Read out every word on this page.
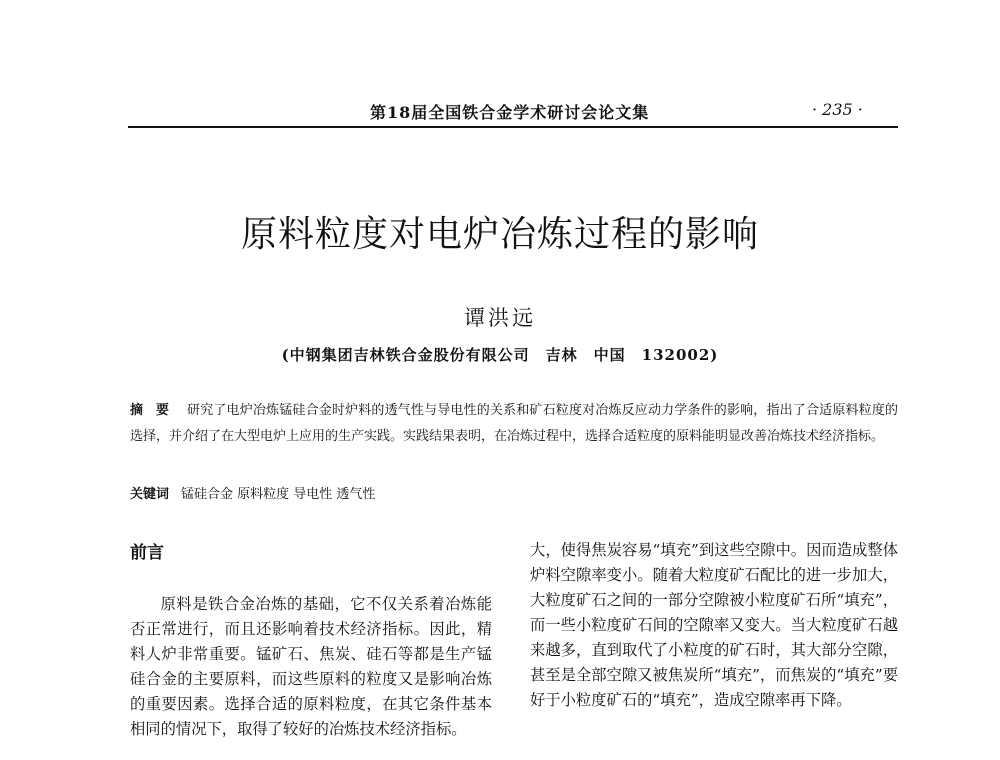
第18届全国铁合金学术研讨会论文集	· 235 ·
原料粒度对电炉冶炼过程的影响
谭洪远
(中钢集团吉林铁合金股份有限公司　吉林　中国　132002)
摘 要 研究了电炉冶炼锰硅合金时炉料的透气性与导电性的关系和矿石粒度对冶炼反应动力学条件的影响，指出了合适原料粒度的选择，并介绍了在大型电炉上应用的生产实践。实践结果表明，在冶炼过程中，选择合适粒度的原料能明显改善冶炼技术经济指标。
关键词 锰硅合金 原料粒度 导电性 透气性
前言
原料是铁合金冶炼的基础，它不仅关系着冶炼能否正常进行，而且还影响着技术经济指标。因此，精料人炉非常重要。锰矿石、焦炭、硅石等都是生产锰硅合金的主要原料，而这些原料的粒度又是影响冶炼的重要因素。选择合适的原料粒度，在其它条件基本相同的情况下，取得了较好的冶炼技术经济指标。
大，使得焦炭容易“填充”到这些空隙中。因而造成整体炉料空隙率变小。随着大粒度矿石配比的进一步加大，大粒度矿石之间的一部分空隙被小粒度矿石所“填充”，而一些小粒度矿石间的空隙率又变大。当大粒度矿石越来越多，直到取代了小粒度的矿石时，其大部分空隙，甚至是全部空隙又被焦炭所“填充”，而焦炭的“填充”要好于小粒度矿石的“填充”，造成空隙率再下降。
